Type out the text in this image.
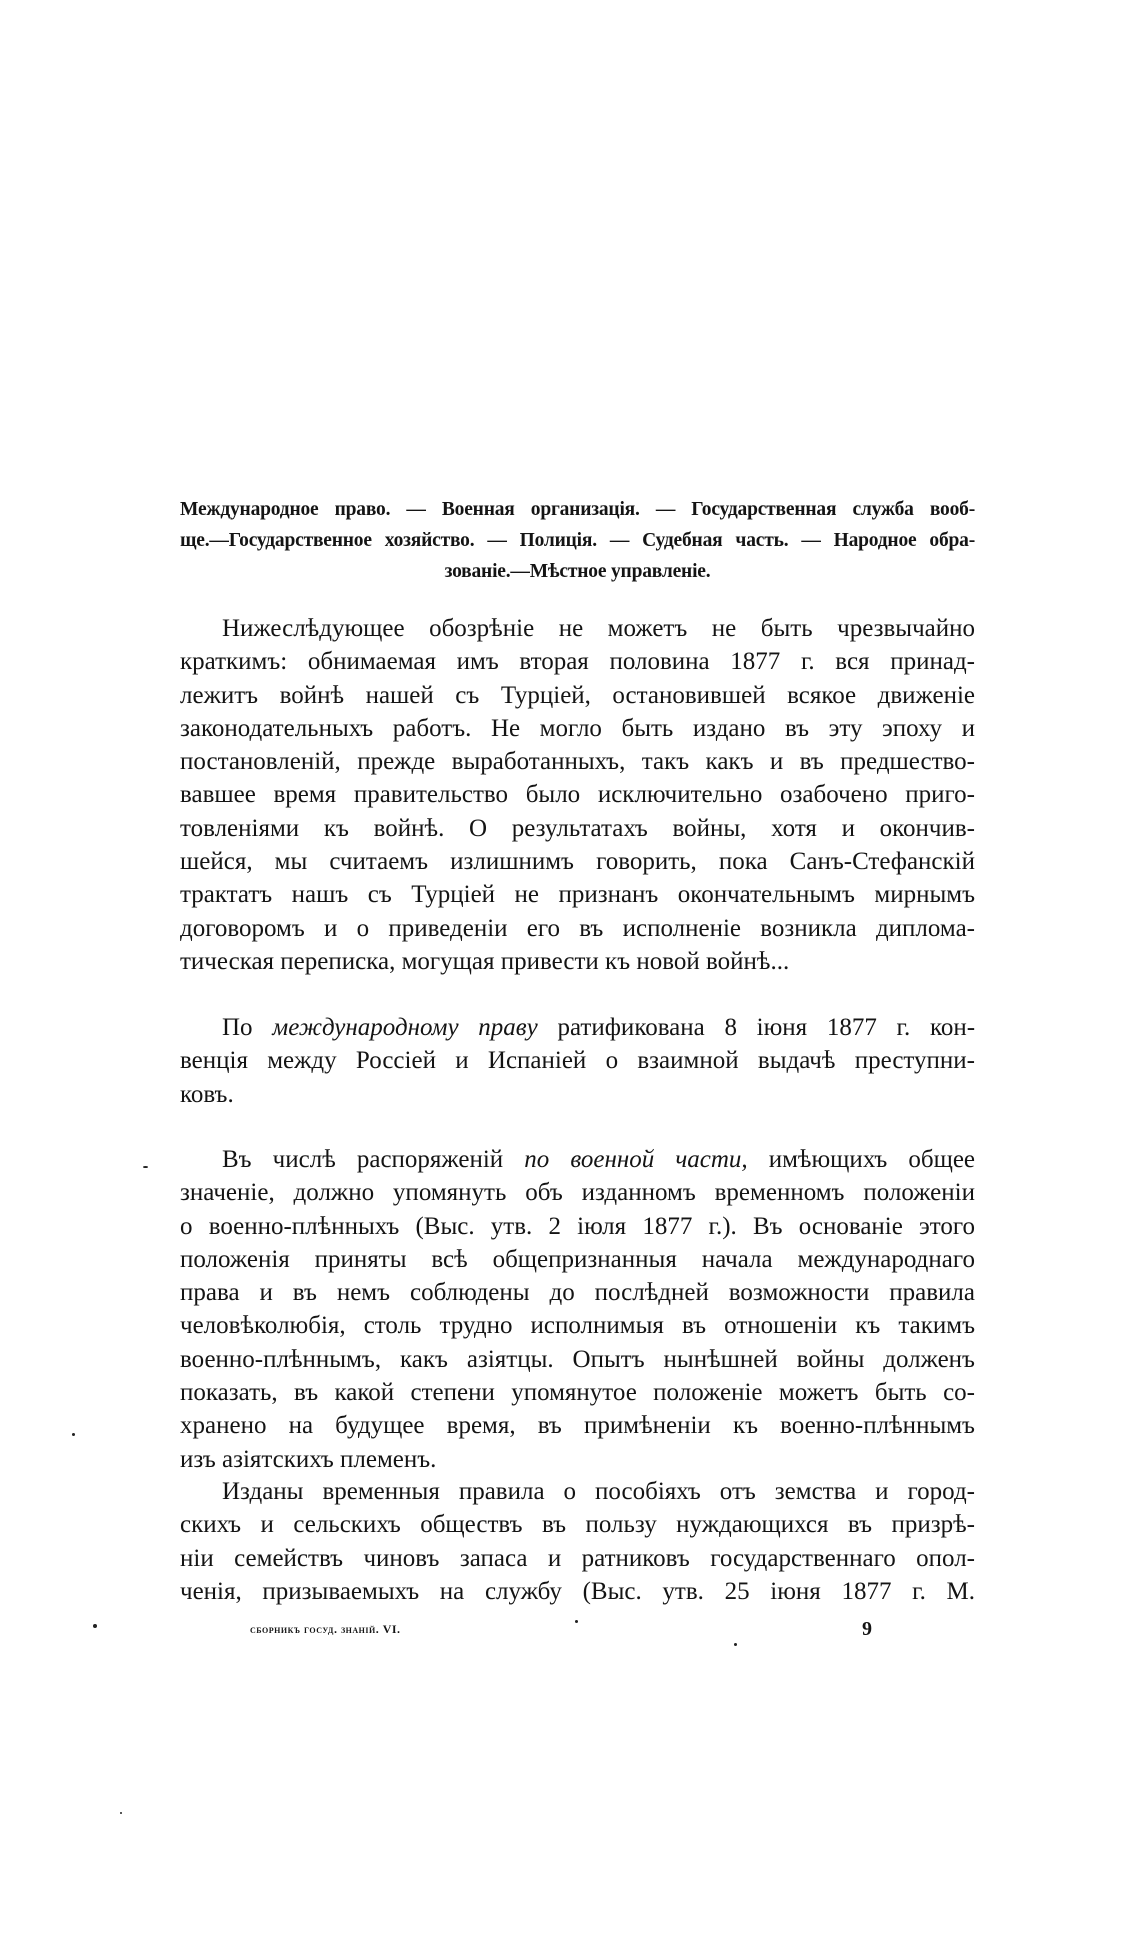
Международное право. — Военная организація. — Государственная служба вооб-
ще.—Государственное хозяйство. — Полиція. — Судебная часть. — Народное обра-
зованіе.—Мѣстное управленіе.
Нижеслѣдующее обозрѣніе не можетъ не быть чрезвычайно
краткимъ: обнимаемая имъ вторая половина 1877 г. вся принад-
лежитъ войнѣ нашей съ Турціей, остановившей всякое движеніе
законодательныхъ работъ. Не могло быть издано въ эту эпоху и
постановленій, прежде выработанныхъ, такъ какъ и въ предшество-
вавшее время правительство было исключительно озабочено приго-
товленіями къ войнѣ. О результатахъ войны, хотя и окончив-
шейся, мы считаемъ излишнимъ говорить, пока Санъ-Стефанскій
трактатъ нашъ съ Турціей не признанъ окончательнымъ мирнымъ
договоромъ и о приведеніи его въ исполненіе возникла диплома-
тическая переписка, могущая привести къ новой войнѣ...
По международному праву ратификована 8 іюня 1877 г. кон-
венція между Россіей и Испаніей о взаимной выдачѣ преступни-
ковъ.
Въ числѣ распоряженій по военной части, имѣющихъ общее
значеніе, должно упомянуть объ изданномъ временномъ положеніи
о военно-плѣнныхъ (Выс. утв. 2 іюля 1877 г.). Въ основаніе этого
положенія приняты всѣ общепризнанныя начала международнаго
права и въ немъ соблюдены до послѣдней возможности правила
человѣколюбія, столь трудно исполнимыя въ отношеніи къ такимъ
военно-плѣннымъ, какъ азіятцы. Опытъ нынѣшней войны долженъ
показать, въ какой степени упомянутое положеніе можетъ быть со-
хранено на будущее время, въ примѣненіи къ военно-плѣннымъ
изъ азіятскихъ племенъ.
Изданы временныя правила о пособіяхъ отъ земства и город-
скихъ и сельскихъ обществъ въ пользу нуждающихся въ призрѣ-
ніи семействъ чиновъ запаса и ратниковъ государственнаго опол-
ченія, призываемыхъ на службу (Выс. утв. 25 іюня 1877 г. М.
сборникъ госуд. знаній. VI.	9
